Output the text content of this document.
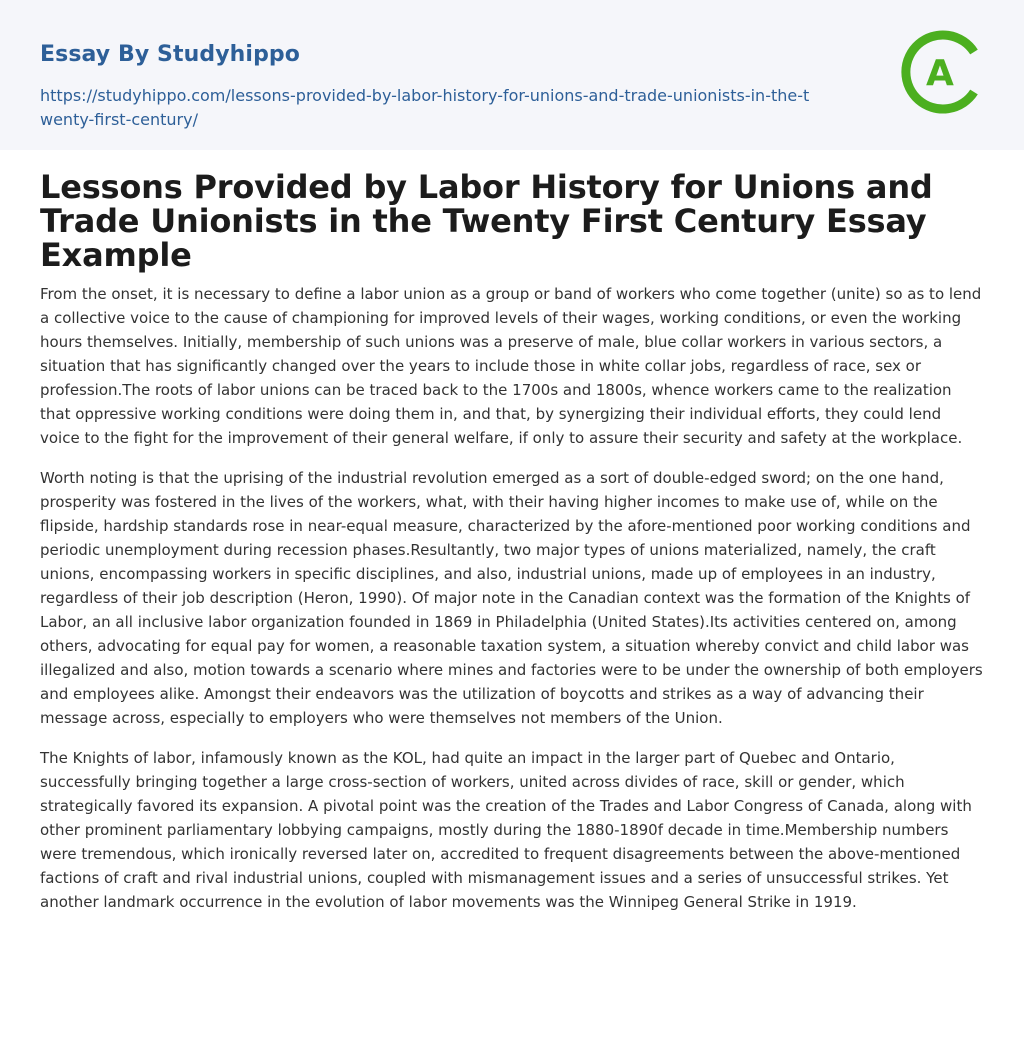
Essay By Studyhippo
https://studyhippo.com/lessons-provided-by-labor-history-for-unions-and-trade-unionists-in-the-twenty-first-century/
A
Lessons Provided by Labor History for Unions and Trade Unionists in the Twenty First Century Essay Example

From the onset, it is necessary to define a labor union as a group or band of workers who come together (unite) so as to lend a collective voice to the cause of championing for improved levels of their wages, working conditions, or even the working hours themselves. Initially, membership of such unions was a preserve of male, blue collar workers in various sectors, a situation that has significantly changed over the years to include those in white collar jobs, regardless of race, sex or profession.The roots of labor unions can be traced back to the 1700s and 1800s, whence workers came to the realization that oppressive working conditions were doing them in, and that, by synergizing their individual efforts, they could lend voice to the fight for the improvement of their general welfare, if only to assure their security and safety at the workplace.

Worth noting is that the uprising of the industrial revolution emerged as a sort of double-edged sword; on the one hand, prosperity was fostered in the lives of the workers, what, with their having higher incomes to make use of, while on the flipside, hardship standards rose in near-equal measure, characterized by the afore-mentioned poor working conditions and periodic unemployment during recession phases.Resultantly, two major types of unions materialized, namely, the craft unions, encompassing workers in specific disciplines, and also, industrial unions, made up of employees in an industry, regardless of their job description (Heron, 1990). Of major note in the Canadian context was the formation of the Knights of Labor, an all inclusive labor organization founded in 1869 in Philadelphia (United States).Its activities centered on, among others, advocating for equal pay for women, a reasonable taxation system, a situation whereby convict and child labor was illegalized and also, motion towards a scenario where mines and factories were to be under the ownership of both employers and employees alike. Amongst their endeavors was the utilization of boycotts and strikes as a way of advancing their message across, especially to employers who were themselves not members of the Union.

The Knights of labor, infamously known as the KOL, had quite an impact in the larger part of Quebec and Ontario, successfully bringing together a large cross-section of workers, united across divides of race, skill or gender, which strategically favored its expansion. A pivotal point was the creation of the Trades and Labor Congress of Canada, along with other prominent parliamentary lobbying campaigns, mostly during the 1880-1890f decade in time.Membership numbers were tremendous, which ironically reversed later on, accredited to frequent disagreements between the above-mentioned factions of craft and rival industrial unions, coupled with mismanagement issues and a series of unsuccessful strikes. Yet another landmark occurrence in the evolution of labor movements was the Winnipeg General Strike in 1919.
